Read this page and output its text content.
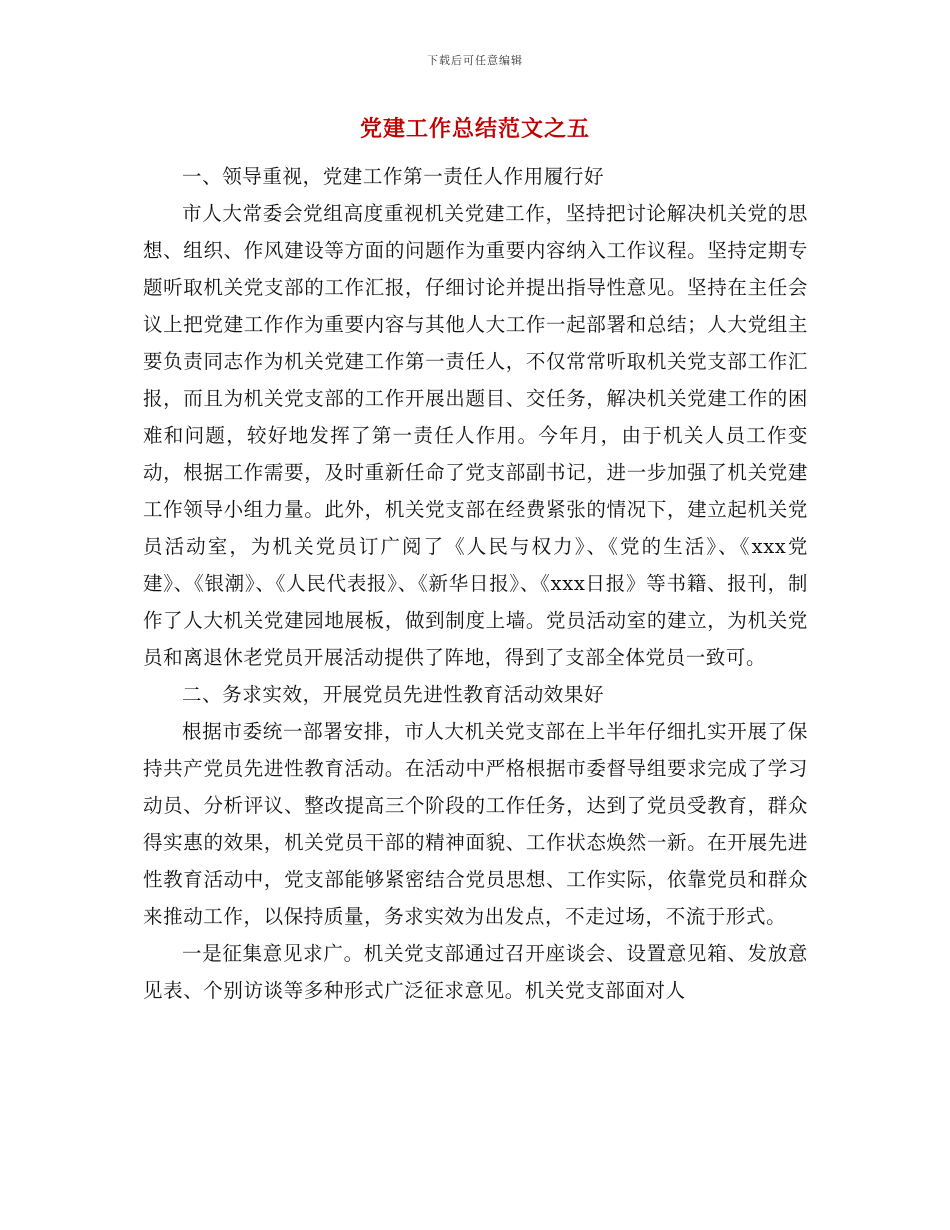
下载后可任意编辑
党建工作总结范文之五

一、领导重视，党建工作第一责任人作用履行好

市人大常委会党组高度重视机关党建工作，坚持把讨论解决机关党的思想、组织、作风建设等方面的问题作为重要内容纳入工作议程。坚持定期专题听取机关党支部的工作汇报，仔细讨论并提出指导性意见。坚持在主任会议上把党建工作作为重要内容与其他人大工作一起部署和总结；人大党组主要负责同志作为机关党建工作第一责任人，不仅常常听取机关党支部工作汇报，而且为机关党支部的工作开展出题目、交任务，解决机关党建工作的困难和问题，较好地发挥了第一责任人作用。今年月，由于机关人员工作变动，根据工作需要，及时重新任命了党支部副书记，进一步加强了机关党建工作领导小组力量。此外，机关党支部在经费紧张的情况下，建立起机关党员活动室，为机关党员订广阅了《人民与权力》、《党的生活》、《xxx党建》、《银潮》、《人民代表报》、《新华日报》、《xxx日报》等书籍、报刊，制作了人大机关党建园地展板，做到制度上墙。党员活动室的建立，为机关党员和离退休老党员开展活动提供了阵地，得到了支部全体党员一致可。

二、务求实效，开展党员先进性教育活动效果好

根据市委统一部署安排，市人大机关党支部在上半年仔细扎实开展了保持共产党员先进性教育活动。在活动中严格根据市委督导组要求完成了学习动员、分析评议、整改提高三个阶段的工作任务，达到了党员受教育，群众得实惠的效果，机关党员干部的精神面貌、工作状态焕然一新。在开展先进性教育活动中，党支部能够紧密结合党员思想、工作实际，依靠党员和群众来推动工作，以保持质量，务求实效为出发点，不走过场，不流于形式。

一是征集意见求广。机关党支部通过召开座谈会、设置意见箱、发放意见表、个别访谈等多种形式广泛征求意见。机关党支部面对人
